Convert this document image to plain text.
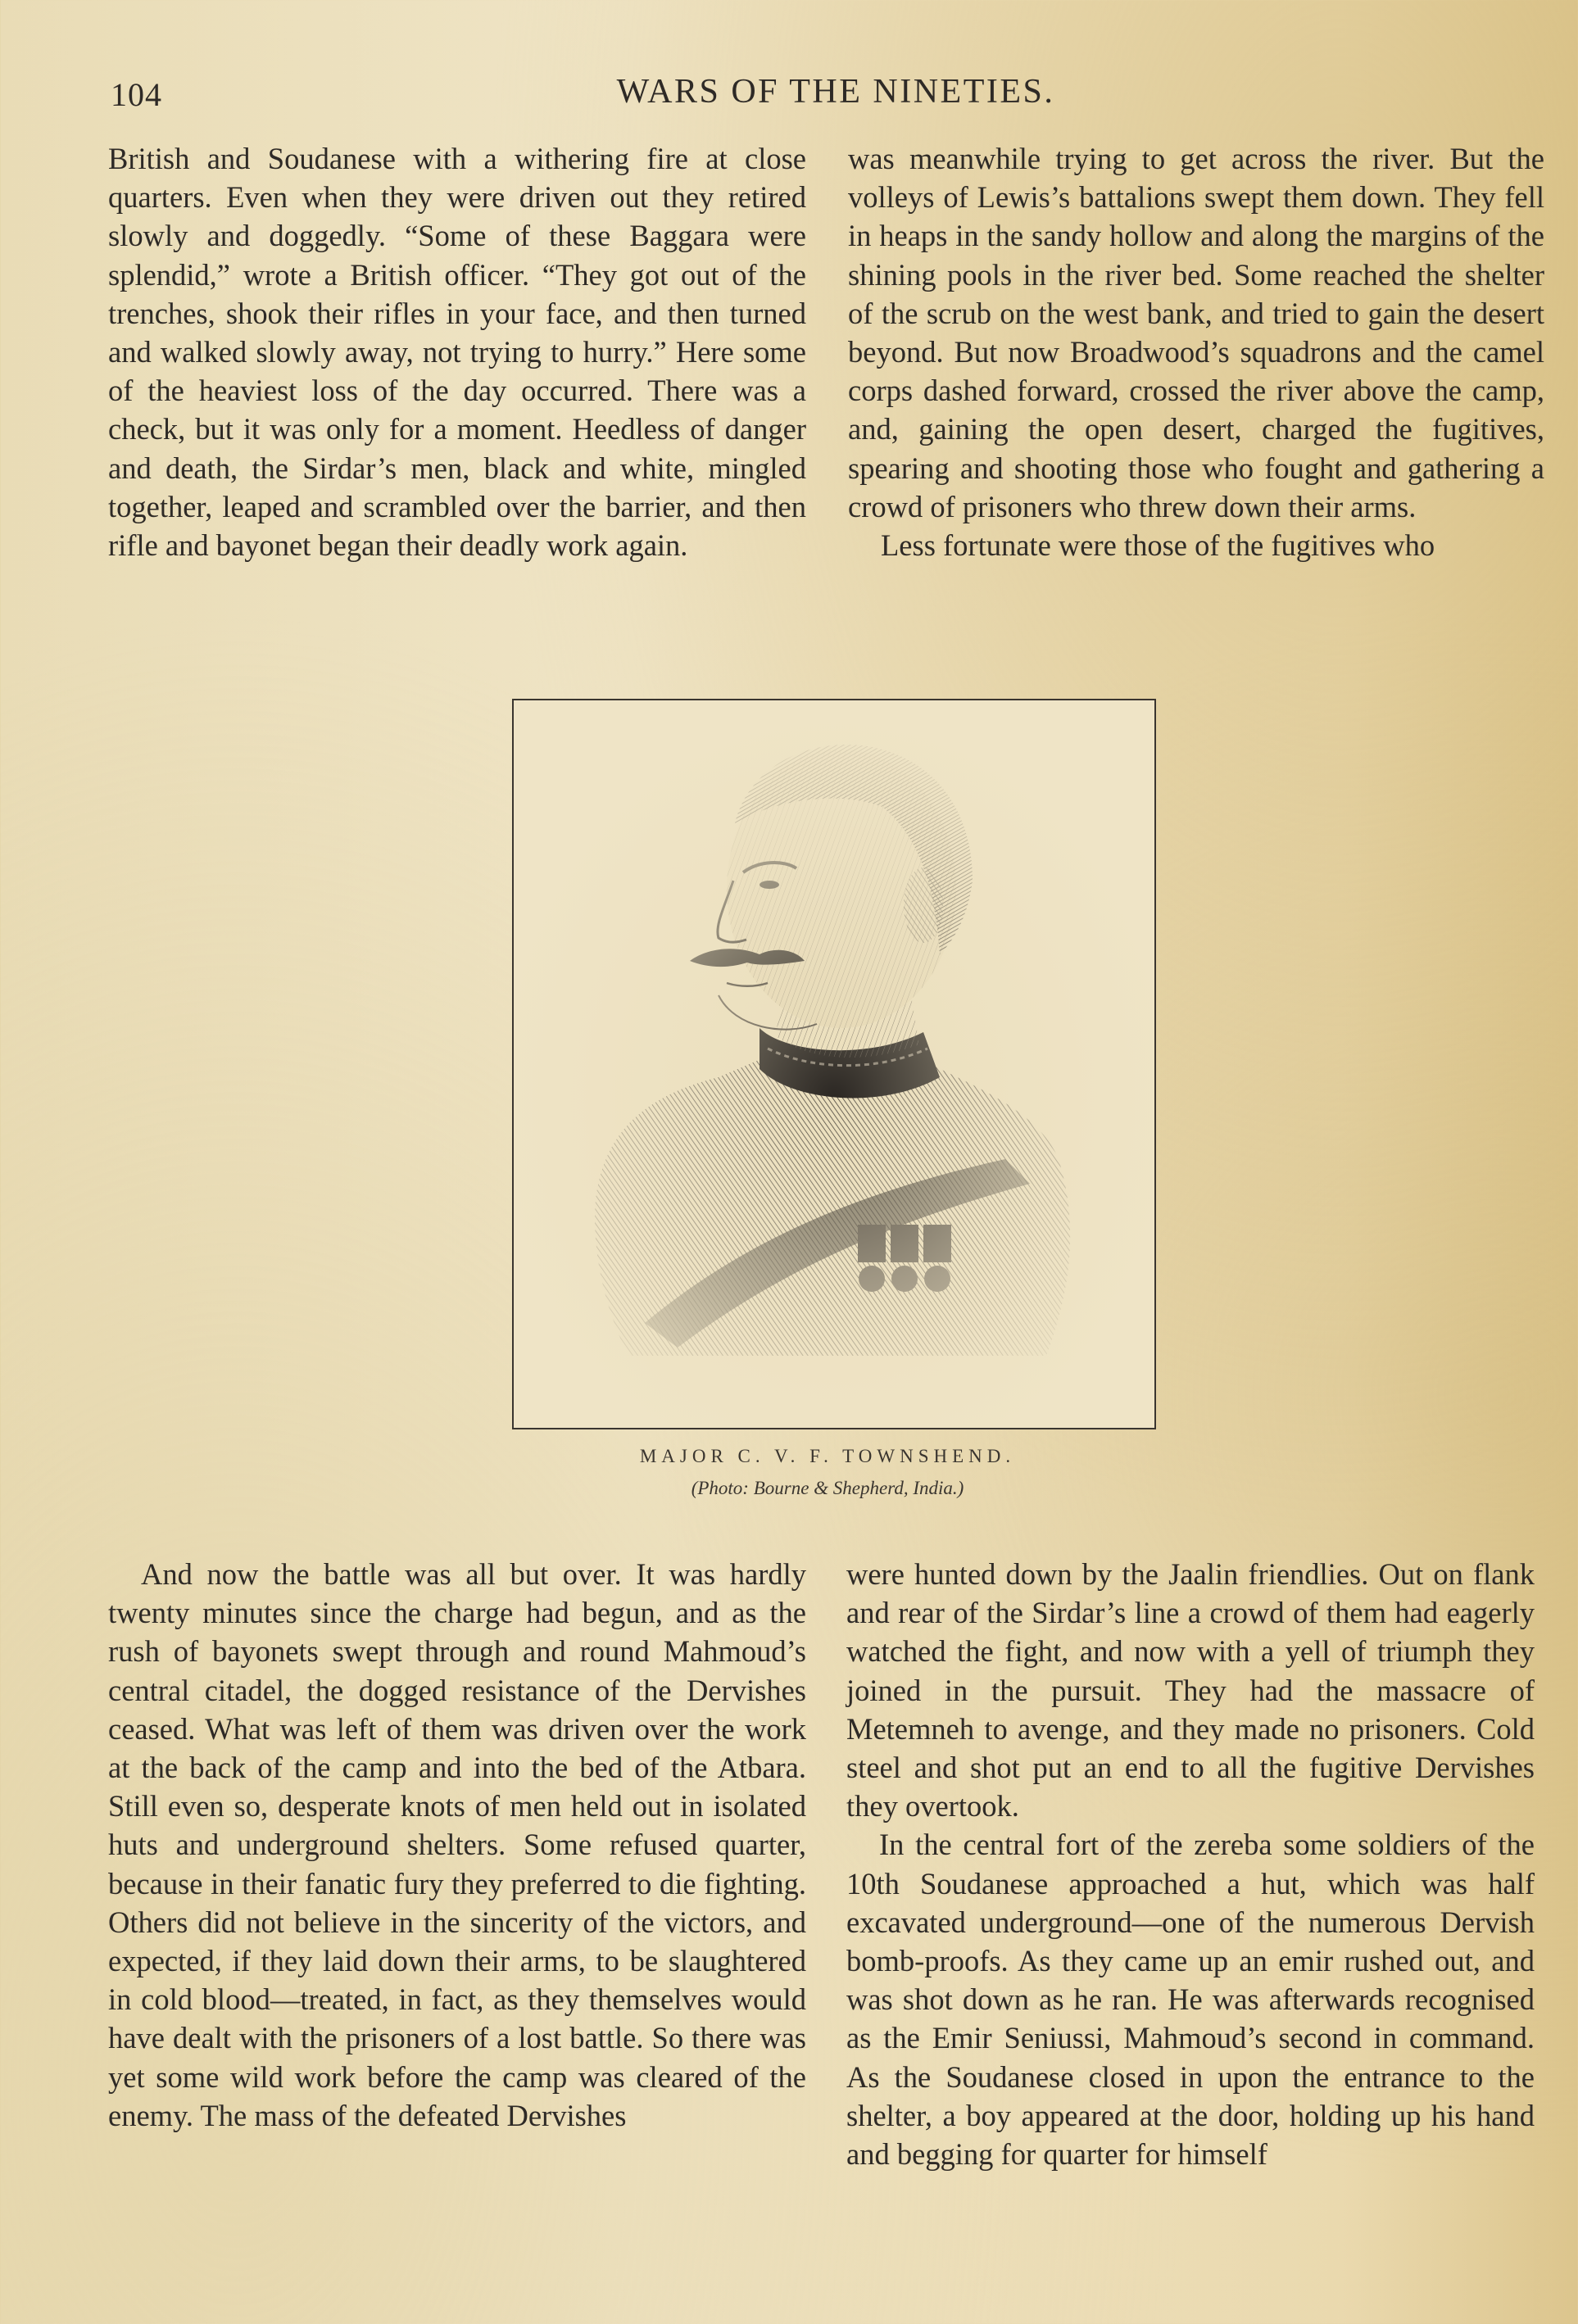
104	WARS OF THE NINETIES.

British and Soudanese with a withering fire at close quarters. Even when they were driven out they retired slowly and doggedly. “Some of these Baggara were splendid,” wrote a British officer. “They got out of the trenches, shook their rifles in your face, and then turned and walked slowly away, not trying to hurry.” Here some of the heaviest loss of the day occurred. There was a check, but it was only for a moment. Heedless of danger and death, the Sirdar’s men, black and white, mingled together, leaped and scrambled over the barrier, and then rifle and bayonet began their deadly work again.

was meanwhile trying to get across the river. But the volleys of Lewis’s battalions swept them down. They fell in heaps in the sandy hollow and along the margins of the shining pools in the river bed. Some reached the shelter of the scrub on the west bank, and tried to gain the desert beyond. But now Broadwood’s squadrons and the camel corps dashed forward, crossed the river above the camp, and, gaining the open desert, charged the fugitives, spearing and shooting those who fought and gathering a crowd of prisoners who threw down their arms.

Less fortunate were those of the fugitives who

MAJOR C. V. F. TOWNSHEND.
(Photo: Bourne & Shepherd, India.)

And now the battle was all but over. It was hardly twenty minutes since the charge had begun, and as the rush of bayonets swept through and round Mahmoud’s central citadel, the dogged resistance of the Dervishes ceased. What was left of them was driven over the work at the back of the camp and into the bed of the Atbara. Still even so, desperate knots of men held out in isolated huts and underground shelters. Some refused quarter, because in their fanatic fury they preferred to die fighting. Others did not believe in the sincerity of the victors, and expected, if they laid down their arms, to be slaughtered in cold blood—treated, in fact, as they themselves would have dealt with the prisoners of a lost battle. So there was yet some wild work before the camp was cleared of the enemy. The mass of the defeated Dervishes

were hunted down by the Jaalin friendlies. Out on flank and rear of the Sirdar’s line a crowd of them had eagerly watched the fight, and now with a yell of triumph they joined in the pursuit. They had the massacre of Metemneh to avenge, and they made no prisoners. Cold steel and shot put an end to all the fugitive Dervishes they overtook.

In the central fort of the zereba some soldiers of the 10th Soudanese approached a hut, which was half excavated underground—one of the numerous Dervish bomb-proofs. As they came up an emir rushed out, and was shot down as he ran. He was afterwards recognised as the Emir Seniussi, Mahmoud’s second in command. As the Soudanese closed in upon the entrance to the shelter, a boy appeared at the door, holding up his hand and begging for quarter for himself
